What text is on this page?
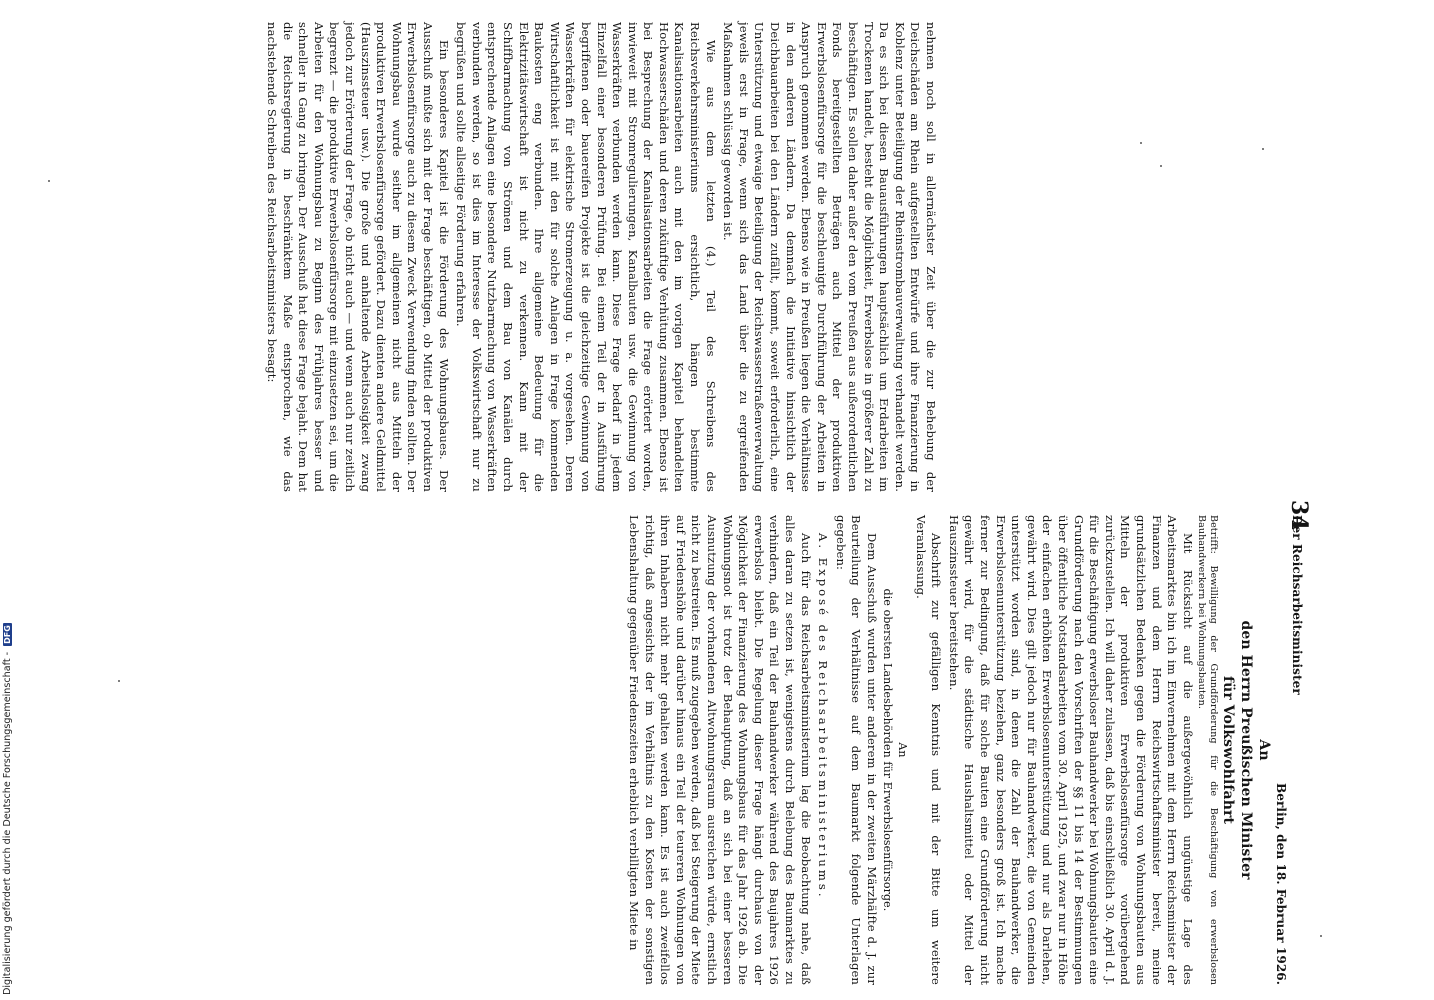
34
Der Reichsarbeitsminister
Berlin, den 18. Februar 1926.
An
den Herrn Preußischen Minister
für Volkswohlfahrt
Betrifft: Bewilligung der Grundförderung für die Beschäftigung von erwerbslosen Bauhandwerkern bei Wohnungsbauten.

Mit Rücksicht auf die außergewöhnlich ungünstige Lage des Arbeitsmarktes bin ich im Einvernehmen mit dem Herrn Reichsminister der Finanzen und dem Herrn Reichswirtschaftsminister bereit, meine grundsätzlichen Bedenken gegen die Förderung von Wohnungsbauten aus Mitteln der produktiven Erwerbslosenfürsorge vorübergehend zurückzustellen. Ich will daher zulassen, daß bis einschließlich 30. April d. J. für die Beschäftigung erwerbsloser Bauhandwerker bei Wohnungsbauten eine Grundförderung nach den Vorschriften der §§ 11 bis 14 der Bestimmungen über öffentliche Notstandsarbeiten vom 30. April 1925, und zwar nur in Höhe der einfachen erhöhten Erwerbslosenunterstützung und nur als Darlehen, gewährt wird. Dies gilt jedoch nur für Bauhandwerker, die von Gemeinden unterstützt worden sind, in denen die Zahl der Bauhandwerker, die Erwerbslosenunterstützung beziehen, ganz besonders groß ist. Ich mache ferner zur Bedingung, daß für solche Bauten eine Grundförderung nicht gewährt wird, für die städtische Haushaltsmittel oder Mittel der Hauszinssteuer bereitstehen.

Abschrift zur gefälligen Kenntnis und mit der Bitte um weitere Veranlassung.

An
die obersten Landesbehörden für Erwerbslosenfürsorge.

Dem Ausschuß wurden unter anderem in der zweiten Märzhälfte d. J. zur Beurteilung der Verhältnisse auf dem Baumarkt folgende Unterlagen gegeben:

A. Exposé des Reichsarbeitsministeriums.

Auch für das Reichsarbeitsministerium lag die Beobachtung nahe, daß alles daran zu setzen ist, wenigstens durch Belebung des Baumarktes zu verhindern, daß ein Teil der Bauhandwerker während des Baujahres 1926 erwerbslos bleibt. Die Regelung dieser Frage hängt durchaus von der Möglichkeit der Finanzierung des Wohnungsbaus für das Jahr 1926 ab. Die Wohnungsnot ist trotz der Behauptung, daß an sich bei einer besseren Ausnutzung der vorhandenen Altwohnungsraum ausreichen würde, ernstlich nicht zu bestreiten. Es muß zugegeben werden, daß bei Steigerung der Miete auf Friedenshöhe und darüber hinaus ein Teil der teureren Wohnungen von ihren Inhabern nicht mehr gehalten werden kann. Es ist auch zweifellos richtig, daß angesichts der im Verhältnis zu den Kosten der sonstigen Lebenshaltung gegenüber Friedenszeiten erheblich verbilligten Miete in

nehmen noch soll in allernächster Zeit über die zur Behebung der Deichschäden am Rhein aufgestellten Entwürfe und ihre Finanzierung in Koblenz unter Beteiligung der Rheinstrombauverwaltung verhandelt werden. Da es sich bei diesen Bauausführungen hauptsächlich um Erdarbeiten im Trockenen handelt, besteht die Möglichkeit, Erwerbslose in größerer Zahl zu beschäftigen. Es sollen daher außer den vom Preußen aus außerordentlichen Fonds bereitgestellten Beträgen auch Mittel der produktiven Erwerbslosenfürsorge für die beschleunigte Durchführung der Arbeiten in Anspruch genommen werden. Ebenso wie in Preußen liegen die Verhältnisse in den anderen Ländern. Da demnach die Initiative hinsichtlich der Deichbauarbeiten bei den Ländern zufällt, kommt, soweit erforderlich, eine Unterstützung und etwaige Beteiligung der Reichswasserstraßenverwaltung jeweils erst in Frage, wenn sich das Land über die zu ergreifenden Maßnahmen schlüssig geworden ist.

Wie aus dem letzten (4.) Teil des Schreibens des Reichsverkehrsministeriums ersichtlich, hängen bestimmte Kanalisationsarbeiten auch mit den im vorigen Kapitel behandelten Hochwasserschäden und deren zukünftige Verhütung zusammen. Ebenso ist bei Besprechung der Kanalisationsarbeiten die Frage erörtert worden, inwieweit mit Stromregulierungen, Kanalbauten usw. die Gewinnung von Wasserkräften verbunden werden kann. Diese Frage bedarf in jedem Einzelfall einer besonderen Prüfung. Bei einem Teil der in Ausführung begriffenen oder bauereifen Projekte ist die gleichzeitige Gewinnung von Wasserkräften für elektrische Stromerzeugung u. a. vorgesehen. Deren Wirtschaftlichkeit ist mit den für solche Anlagen in Frage kommenden Baukosten eng verbunden. Ihre allgemeine Bedeutung für die Elektrizitätswirtschaft ist nicht zu verkennen. Kann mit der Schiffbarmachung von Strömen und dem Bau von Kanälen durch entsprechende Anlagen eine besondere Nutzbarmachung von Wasserkräften verbunden werden, so ist dies im Interesse der Volkswirtschaft nur zu begrüßen und sollte allseitige Förderung erfahren.

Ein besonderes Kapitel ist die Förderung des Wohnungsbaues. Der Ausschuß mußte sich mit der Frage beschäftigen, ob Mittel der produktiven Erwerbslosenfürsorge auch zu diesem Zweck Verwendung finden sollten. Der Wohnungsbau wurde seither im allgemeinen nicht aus Mitteln der produktiven Erwerbslosenfürsorge gefördert. Dazu dienten andere Geldmittel (Hauszinssteuer usw.). Die große und anhaltende Arbeitslosigkeit zwang jedoch zur Erörterung der Frage, ob nicht auch — und wenn auch nur zeitlich begrenzt — die produktive Erwerbslosenfürsorge mit einzusetzen sei, um die Arbeiten für den Wohnungsbau zu Beginn des Frühjahres besser und schneller in Gang zu bringen. Der Ausschuß hat diese Frage bejaht. Dem hat die Reichsregierung in beschränktem Maße entsprochen, wie das nachstehende Schreiben des Reichsarbeitsministers besagt:

Digitalisierung gefördert durch die Deutsche Forschungsgemeinschaft - DFG
